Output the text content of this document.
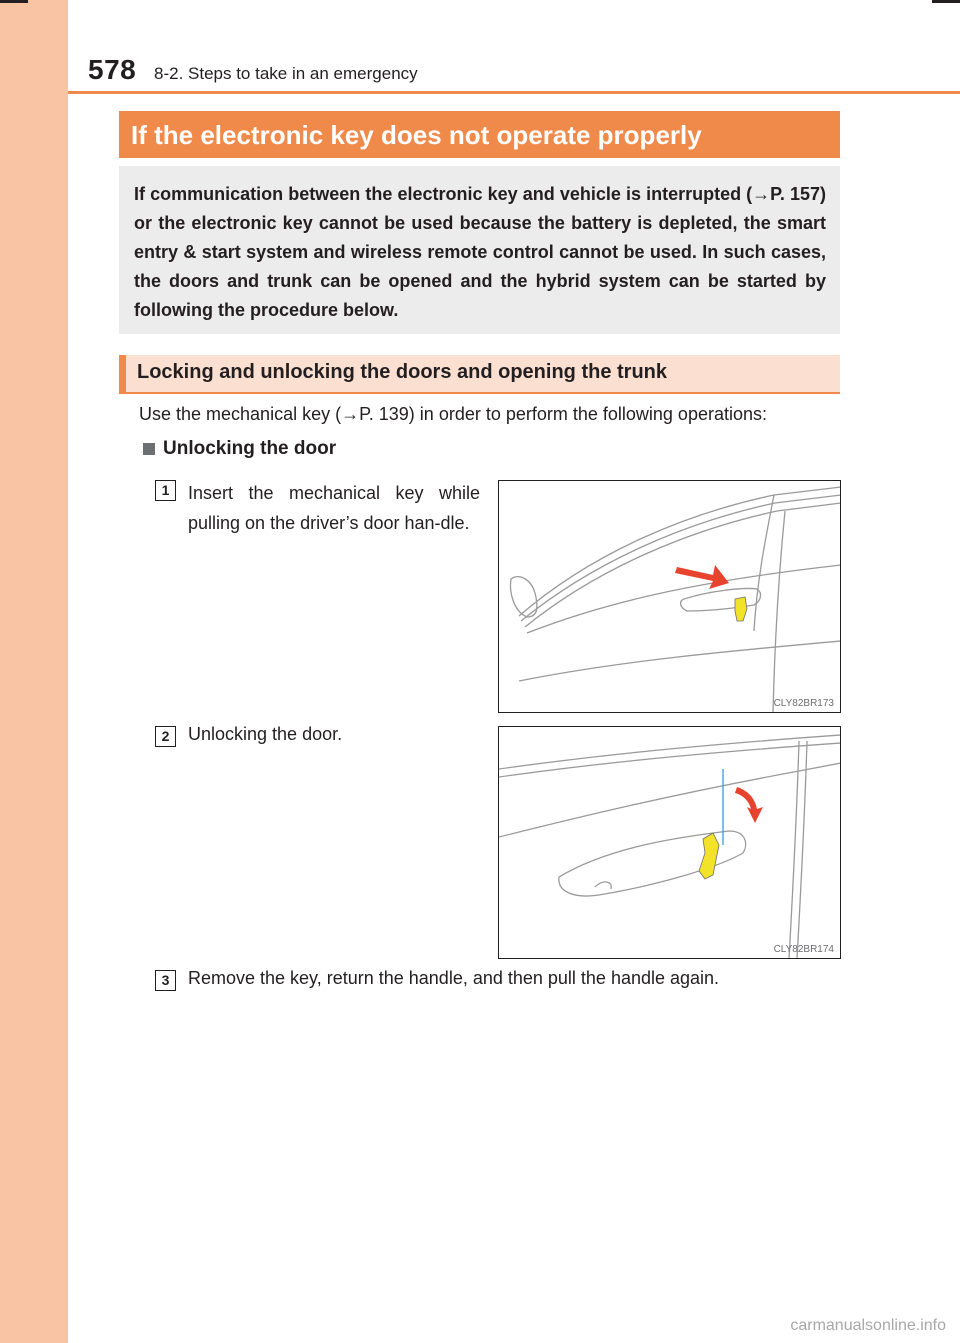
578 8-2. Steps to take in an emergency
If the electronic key does not operate properly

If communication between the electronic key and vehicle is interrupted (→P. 157) or the electronic key cannot be used because the battery is depleted, the smart entry & start system and wireless remote control cannot be used. In such cases, the doors and trunk can be opened and the hybrid system can be started by following the procedure below.

Locking and unlocking the doors and opening the trunk
Use the mechanical key (→P. 139) in order to perform the following operations:
Unlocking the door
1	Insert the mechanical key while pulling on the driver’s door han-dle.
CLY82BR173
2	Unlocking the door.
CLY82BR174
3	Remove the key, return the handle, and then pull the handle again.
carmanualsonline.info
